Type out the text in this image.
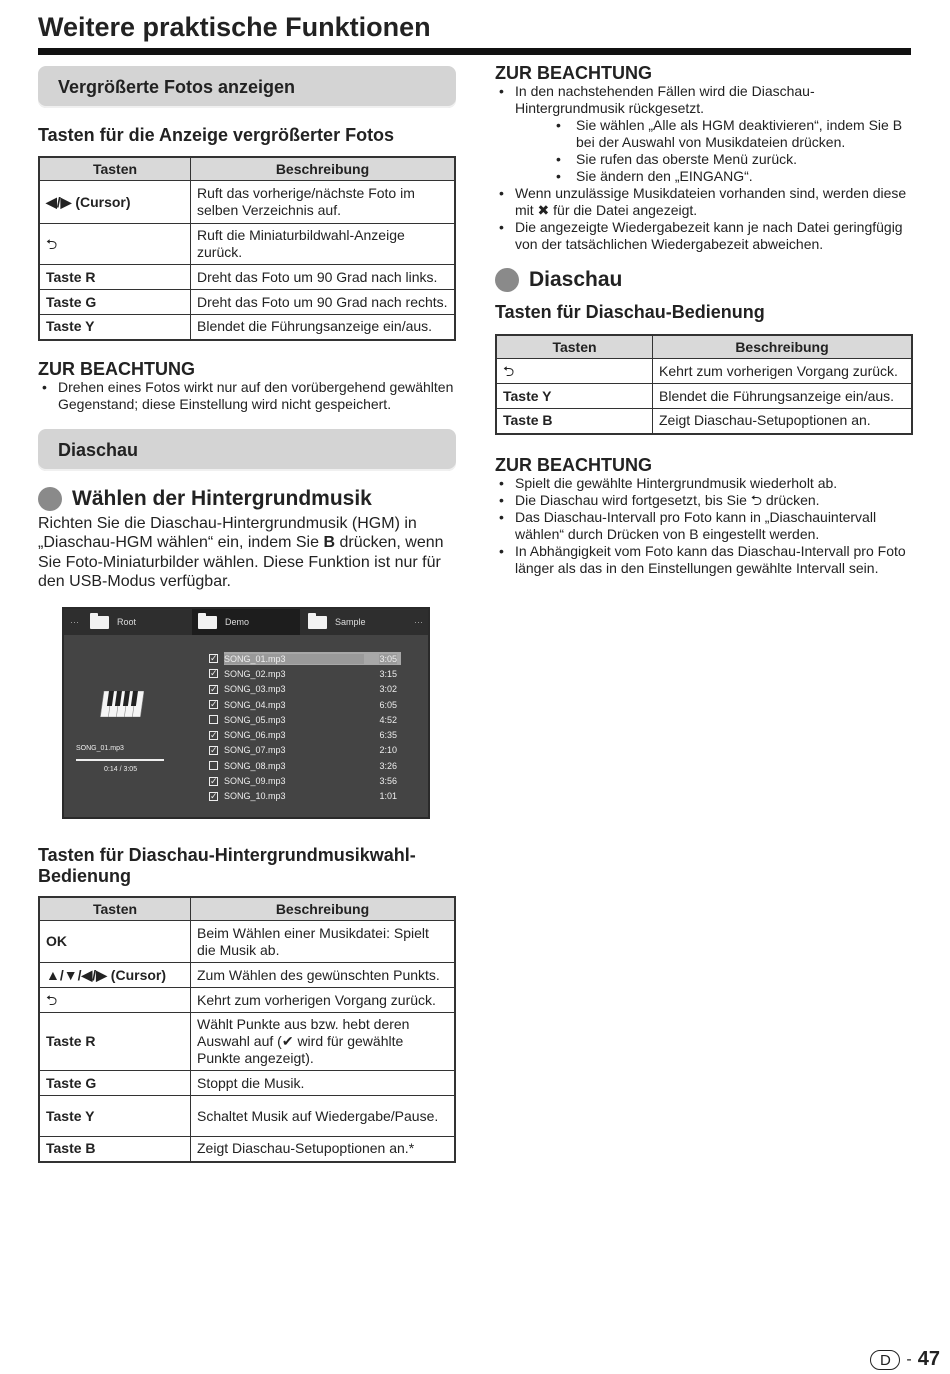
Weitere praktische Funktionen
Vergrößerte Fotos anzeigen
Tasten für die Anzeige vergrößerter Fotos
Tasten	Beschreibung
◀/▶ (Cursor)	Ruft das vorherige/nächste Foto im selben Verzeichnis auf.
⮌	Ruft die Miniaturbildwahl-Anzeige zurück.
Taste R	Dreht das Foto um 90 Grad nach links.
Taste G	Dreht das Foto um 90 Grad nach rechts.
Taste Y	Blendet die Führungsanzeige ein/aus.
ZUR BEACHTUNG
• Drehen eines Fotos wirkt nur auf den vorübergehend gewählten Gegenstand; diese Einstellung wird nicht gespeichert.
Diaschau
Wählen der Hintergrundmusik
Richten Sie die Diaschau-Hintergrundmusik (HGM) in „Diaschau-HGM wählen“ ein, indem Sie B drücken, wenn Sie Foto-Miniaturbilder wählen. Diese Funktion ist nur für den USB-Modus verfügbar.
···	Root	Demo	Sample	···
SONG_01.mp3
0:14 / 3:05
✓ SONG_01.mp3	3:05
✓ SONG_02.mp3	3:15
✓ SONG_03.mp3	3:02
✓ SONG_04.mp3	6:05
SONG_05.mp3	4:52
✓ SONG_06.mp3	6:35
✓ SONG_07.mp3	2:10
SONG_08.mp3	3:26
✓ SONG_09.mp3	3:56
✓ SONG_10.mp3	1:01
Tasten für Diaschau-Hintergrundmusikwahl-Bedienung
Tasten	Beschreibung
OK	Beim Wählen einer Musikdatei: Spielt die Musik ab.
▲/▼/◀/▶ (Cursor)	Zum Wählen des gewünschten Punkts.
⮌	Kehrt zum vorherigen Vorgang zurück.
Taste R	Wählt Punkte aus bzw. hebt deren Auswahl auf (✔ wird für gewählte Punkte angezeigt).
Taste G	Stoppt die Musik.
Taste Y	Schaltet Musik auf Wiedergabe/Pause.
Taste B	Zeigt Diaschau-Setupoptionen an.*
ZUR BEACHTUNG
• In den nachstehenden Fällen wird die Diaschau-Hintergrundmusik rückgesetzt.
• Sie wählen „Alle als HGM deaktivieren“, indem Sie B bei der Auswahl von Musikdateien drücken.
• Sie rufen das oberste Menü zurück.
• Sie ändern den „EINGANG“.
• Wenn unzulässige Musikdateien vorhanden sind, werden diese mit ✖ für die Datei angezeigt.
• Die angezeigte Wiedergabezeit kann je nach Datei geringfügig von der tatsächlichen Wiedergabezeit abweichen.
Diaschau
Tasten für Diaschau-Bedienung
Tasten	Beschreibung
⮌	Kehrt zum vorherigen Vorgang zurück.
Taste Y	Blendet die Führungsanzeige ein/aus.
Taste B	Zeigt Diaschau-Setupoptionen an.
ZUR BEACHTUNG
• Spielt die gewählte Hintergrundmusik wiederholt ab.
• Die Diaschau wird fortgesetzt, bis Sie ⮌ drücken.
• Das Diaschau-Intervall pro Foto kann in „Diaschauintervall wählen“ durch Drücken von B eingestellt werden.
• In Abhängigkeit vom Foto kann das Diaschau-Intervall pro Foto länger als das in den Einstellungen gewählte Intervall sein.
D - 47
